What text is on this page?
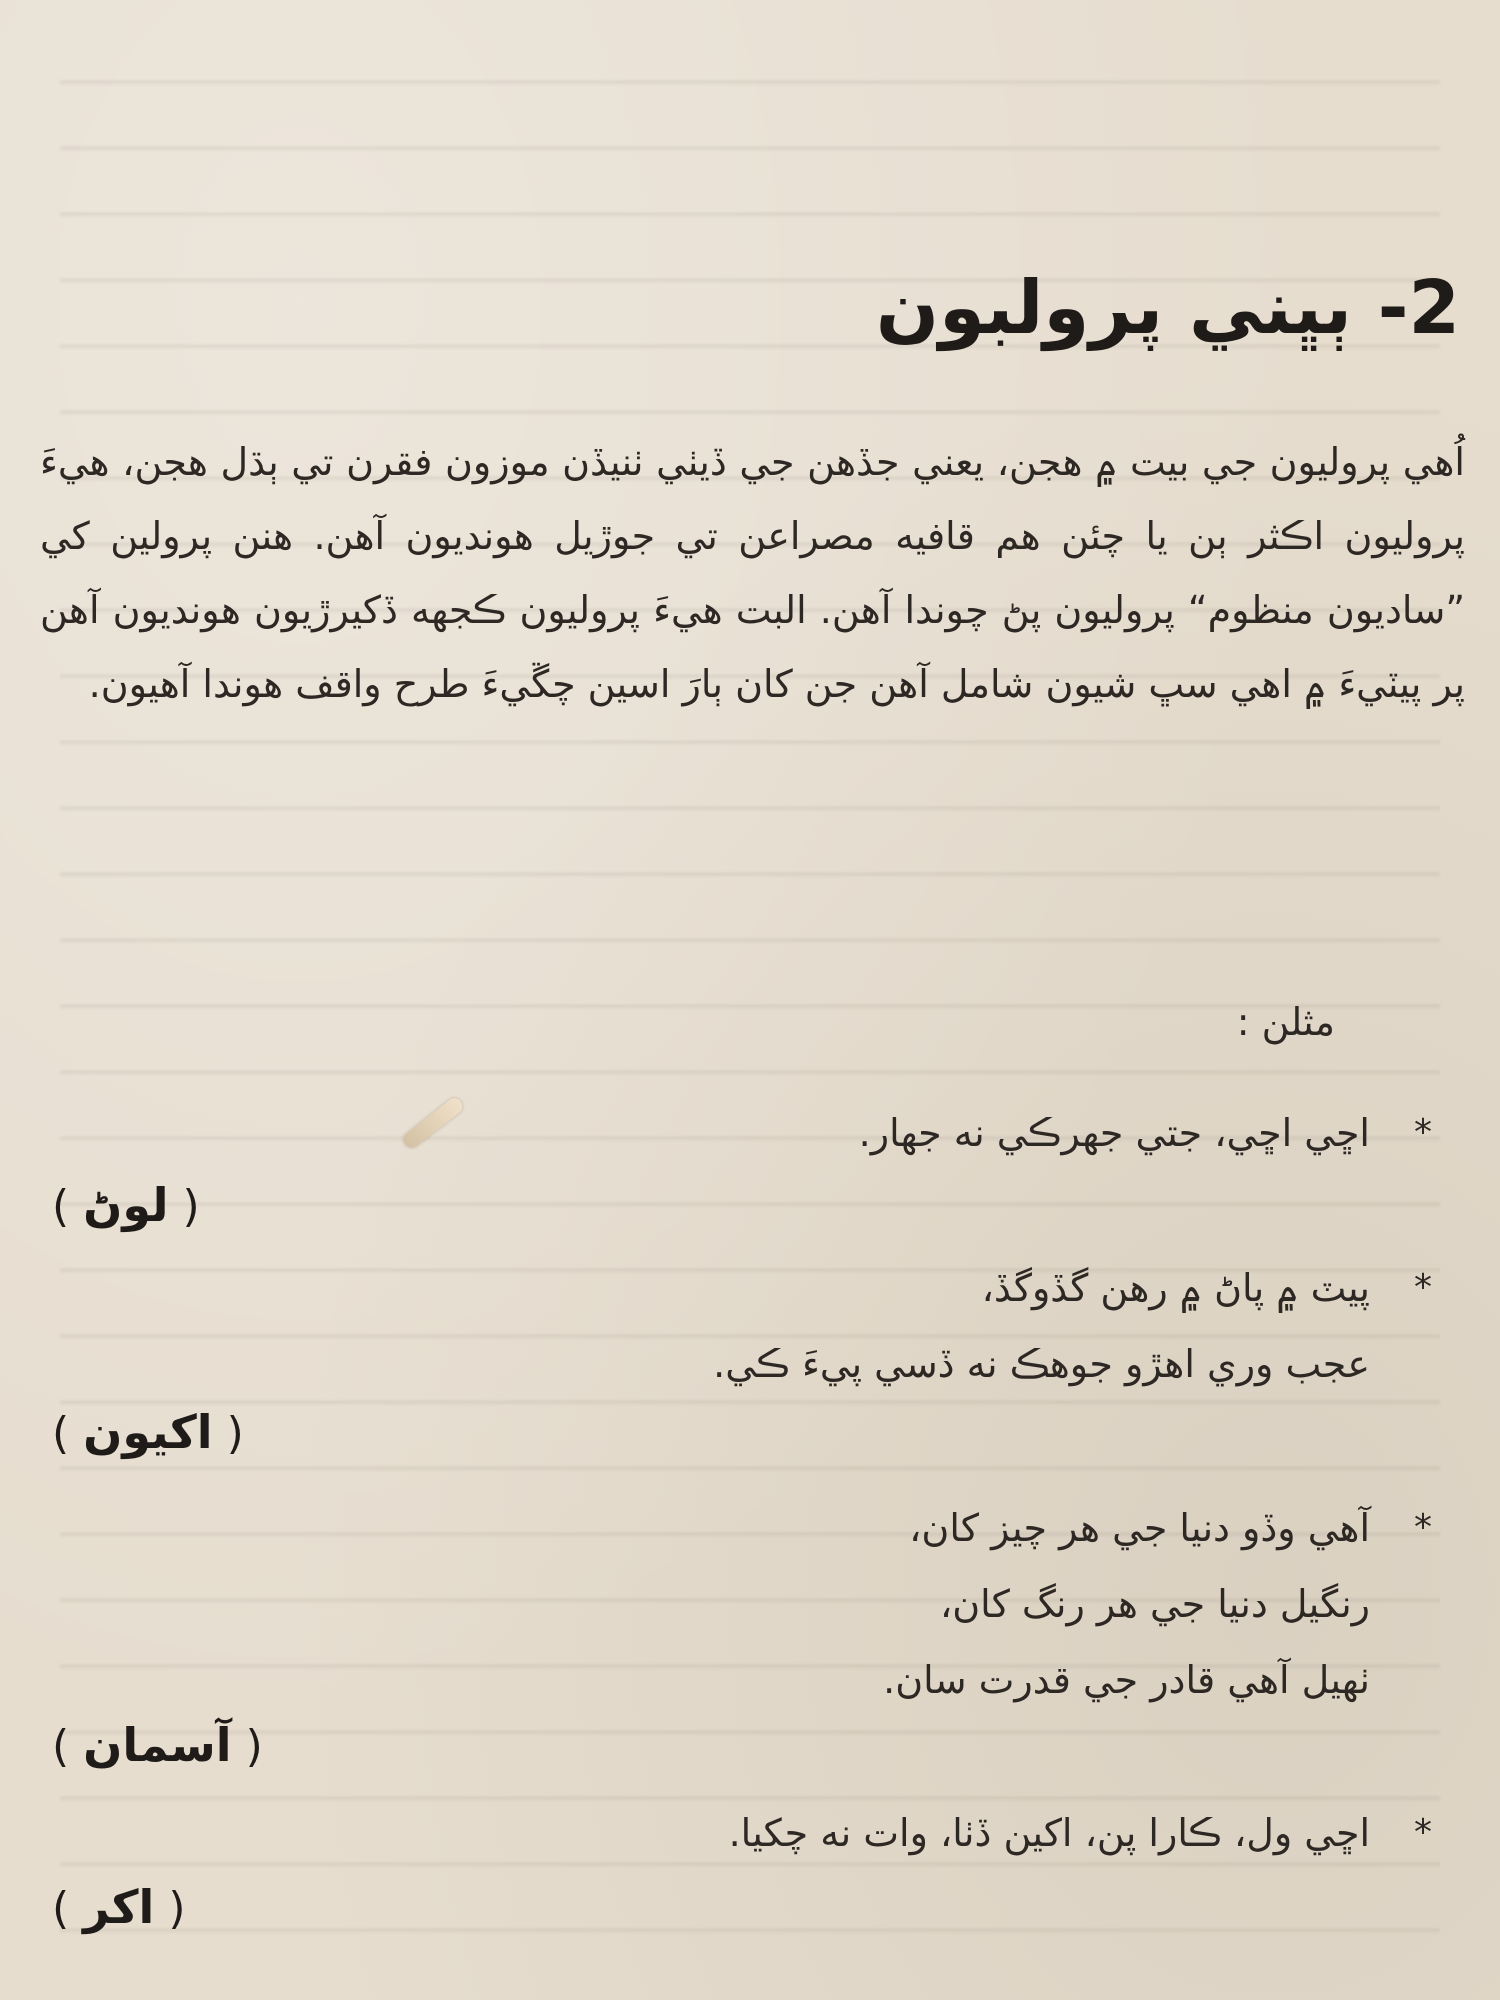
2- ٻڀني پرولبون
اُهي پروليون جي بيت ۾ هجن، يعني جڏهن جي ڏيٺي ٺنيڏن موزون فقرن تي ٻڌل هجن، هيءَ پروليون اڪثر ٻن يا چئن هم قافيه مصراعن تي جوڙيل هونديون آهن. هنن پرولين کي ”ساديون منظوم“ پروليون پڻ چوندا آهن. البت هيءَ پروليون ڪجهه ڏکيرڙيون هونديون آهن پر پيٽيءَ ۾ اهي سڀ شيون شامل آهن جن کان ٻارَ اسين چڱيءَ طرح واقف هوندا آهيون.
مثلن :
*
اڇي اڇي، جتي جهرڪي نه جهار.
( لوڻ )
*
پيٽ ۾ پاڻ ۾ رهن گڏوگڏ،
عجب وري اهڙو جوهڪ نه ڏسي پيءَ ڪي.
( اکيون )
*
آهي وڏو دنيا جي هر چيز کان،
رنگيل دنيا جي هر رنگ کان،
ٺهيل آهي قادر جي قدرت سان.
( آسمان )
*
اڇي ول، ڪارا پن، اکين ڏٺا، وات نه چکيا.
( اکر )
